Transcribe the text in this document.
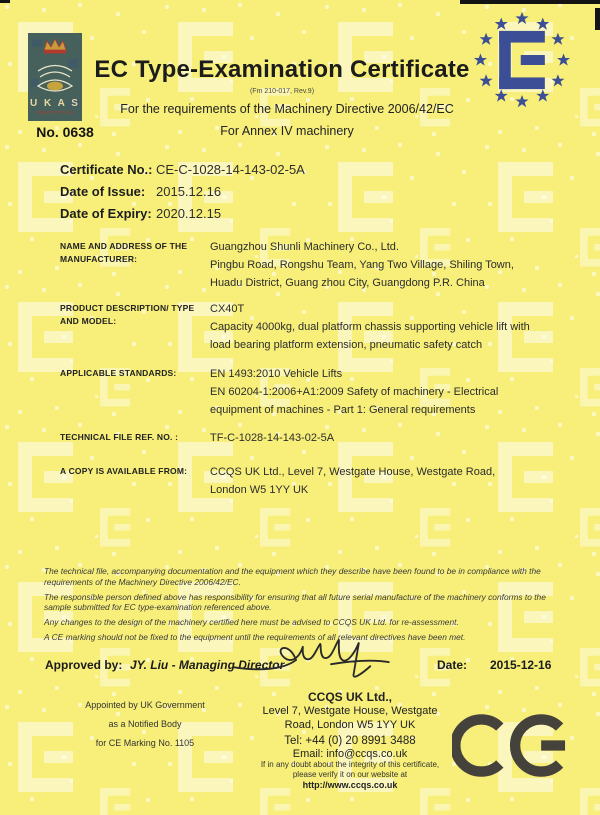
U K A S
INSPECTION
No. 0638
EC Type-Examination Certificate
(Fm 210-017, Rev.9)
For the requirements of the Machinery Directive 2006/42/EC
For Annex IV machinery
Certificate No.: CE-C-1028-14-143-02-5A
Date of Issue: 2015.12.16
Date of Expiry: 2020.12.15
NAME AND ADDRESS OF THE MANUFACTURER:
Guangzhou Shunli Machinery Co., Ltd.
Pingbu Road, Rongshu Team, Yang Two Village, Shiling Town,
Huadu District, Guang zhou City, Guangdong P.R. China
PRODUCT DESCRIPTION/ TYPE AND MODEL:
CX40T
Capacity 4000kg, dual platform chassis supporting vehicle lift with
load bearing platform extension, pneumatic safety catch
APPLICABLE STANDARDS:	EN 1493:2010 Vehicle Lifts
EN 60204-1:2006+A1:2009 Safety of machinery - Electrical
equipment of machines - Part 1: General requirements
TECHNICAL FILE REF. NO. :	TF-C-1028-14-143-02-5A
A COPY IS AVAILABLE FROM:	CCQS UK Ltd., Level 7, Westgate House, Westgate Road,
London W5 1YY UK
The technical file, accompanying documentation and the equipment which they describe have been found to be in compliance with the requirements of the Machinery Directive 2006/42/EC.
The responsible person defined above has responsibility for ensuring that all future serial manufacture of the machinery conforms to the sample submitted for EC type-examination referenced above.
Any changes to the design of the machinery certified here must be advised to CCQS UK Ltd. for re-assessment.
A CE marking should not be fixed to the equipment until the requirements of all relevant directives have been met.
Approved by: JY. Liu - Managing Director	Date: 2015-12-16
Appointed by UK Government
as a Notified Body
for CE Marking No. 1105
CCQS UK Ltd.,
Level 7, Westgate House, Westgate
Road, London W5 1YY UK
Tel: +44 (0) 20 8991 3488
Email: info@ccqs.co.uk
If in any doubt about the integrity of this certificate,
please verify it on our website at
http://www.ccqs.co.uk
